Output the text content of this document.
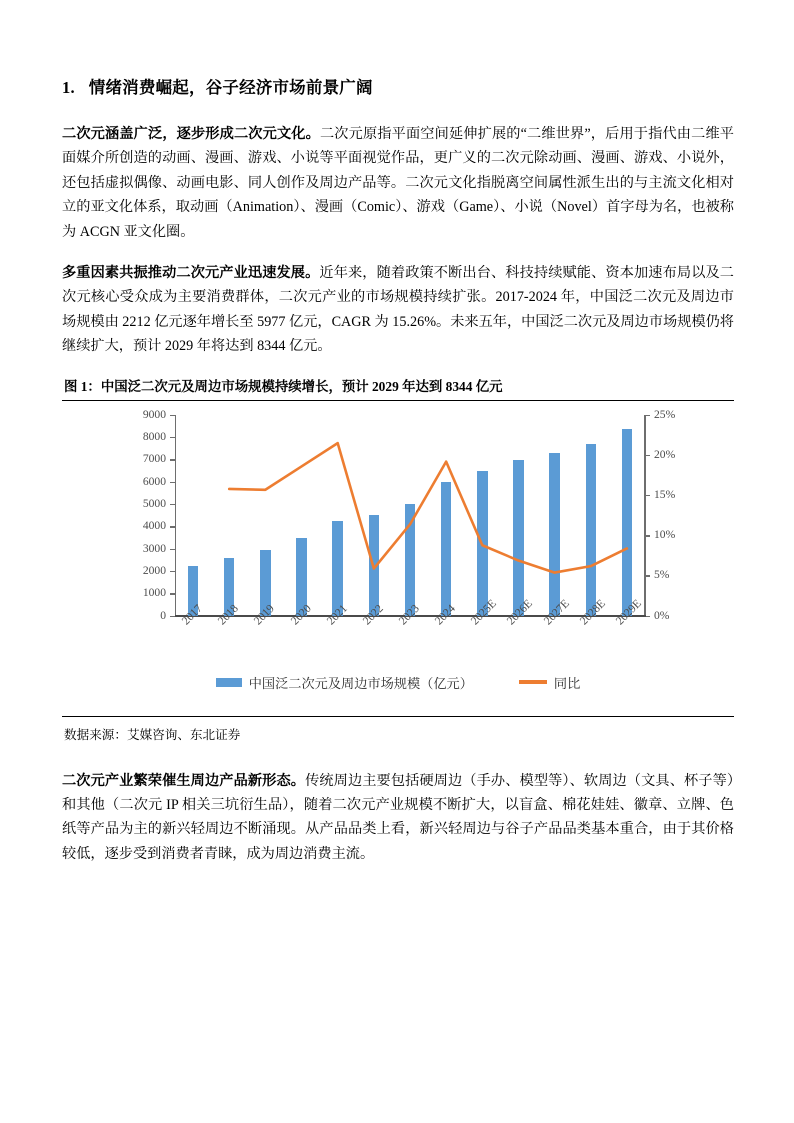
1. 情绪消费崛起，谷子经济市场前景广阔

二次元涵盖广泛，逐步形成二次元文化。二次元原指平面空间延伸扩展的“二维世界”，后用于指代由二维平面媒介所创造的动画、漫画、游戏、小说等平面视觉作品，更广义的二次元除动画、漫画、游戏、小说外，还包括虚拟偶像、动画电影、同人创作及周边产品等。二次元文化指脱离空间属性派生出的与主流文化相对立的亚文化体系，取动画（Animation）、漫画（Comic）、游戏（Game）、小说（Novel）首字母为名，也被称为 ACGN 亚文化圈。

多重因素共振推动二次元产业迅速发展。近年来，随着政策不断出台、科技持续赋能、资本加速布局以及二次元核心受众成为主要消费群体，二次元产业的市场规模持续扩张。2017-2024 年，中国泛二次元及周边市场规模由 2212 亿元逐年增长至 5977 亿元，CAGR 为 15.26%。未来五年，中国泛二次元及周边市场规模仍将继续扩大，预计 2029 年将达到 8344 亿元。

图 1：中国泛二次元及周边市场规模持续增长，预计 2029 年达到 8344 亿元
0
1000
2000
3000
4000
5000
6000
7000
8000
9000
0%
5%
10%
15%
20%
25%
2017 2018 2019 2020 2021 2022 2023 2024 2025E 2026E 2027E 2028E 2029E
中国泛二次元及周边市场规模（亿元）	同比
数据来源：艾媒咨询、东北证券

二次元产业繁荣催生周边产品新形态。传统周边主要包括硬周边（手办、模型等）、软周边（文具、杯子等）和其他（二次元 IP 相关三坑衍生品），随着二次元产业规模不断扩大，以盲盒、棉花娃娃、徽章、立牌、色纸等产品为主的新兴轻周边不断涌现。从产品品类上看，新兴轻周边与谷子产品品类基本重合，由于其价格较低，逐步受到消费者青睐，成为周边消费主流。
